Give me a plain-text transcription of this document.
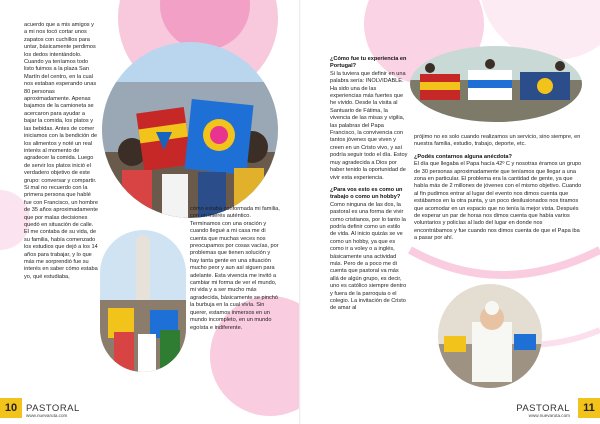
acuerdo que a mis amigos y a mi nos tocó cortar unos zapatos con cuchillos para untar, básicamente perdimos los dedos intentándolo. Cuando ya teníamos todo listo fuimos a la plaza San Martín del centro, en la cual nos estaban esperando unas 80 personas aproximadamente. Apenas bajamos de la camioneta se acercaron para ayudar a bajar la comida, los platos y las bebidas. Antes de comer iniciamos con la bendición de los alimentos y noté un real interés al momento de agradecer la comida. Luego de servir los platos inició el verdadero objetivo de este grupo: conversar y compartir. Si mal no recuerdo con la primera persona que hablé fue con Francisco, un hombre de 35 años aproximadamente que por malas decisiones quedó en situación de calle. El me contaba de su vida, de su familia, había comenzado los estudios que dejó a los 14 años para trabajar, y lo que más me sorprendió fue su interés en saber cómo estaba yo, qué estudiaba,

cómo estaba conformada mi familia, con un interés auténtico. Terminamos con una oración y cuando llegué a mi casa me di cuenta que muchas veces nos preocupamos por cosas vacías, por problemas que tienen solución y hay tanta gente en una situación mucho peor y aun así siguen para adelante. Esta vivencia me invitó a cambiar mi forma de ver el mundo, mi vida y a ser mucho más agradecida, básicamente se pinchó la burbuja en la cual vivía. Sin querer, estamos inmersos en un mundo incompleto, en un mundo egoísta e indiferente.

10 PASTORAL
www.nuevaruta.com

¿Cómo fue tu experiencia en Portugal?

Si la tuviera que definir en una palabra sería: INOLVIDABLE. Ha sido una de las experiencias más fuertes que he vivido. Desde la visita al Santuario de Fátima, la vivencia de las misas y vigilia, las palabras del Papa Francisco, la convivencia con tantos jóvenes que viven y creen en un Cristo vivo, y así podría seguir todo el día. Estoy muy agradecida a Dios por haber tenido la oportunidad de vivir esta experiencia.

¿Para vos esto es como un trabajo o como un hobby?

Como ninguna de las dos, la pastoral es una forma de vivir como cristianos, por lo tanto la podría definir como un estilo de vida. Al inicio quizás se ve como un hobby, ya que es como ir a voley o a inglés, básicamente una actividad más. Pero de a poco me di cuenta que pastoral va más allá de algún grupo, es decir, uno es católico siempre dentro y fuera de la parroquia o el colegio. La invitación de Cristo de amar al

prójimo no es solo cuando realizamos un servicio, sino siempre, en nuestra familia, estudio, trabajo, deporte, etc.

¿Podés contarnos alguna anécdota?

El día que llegaba el Papa hacía 42º C y nosotras éramos un grupo de 30 personas aproximadamente que teníamos que llegar a una zona en particular. El problema era la cantidad de gente, ya que había más de 2 millones de jóvenes con el mismo objetivo. Cuando al fin pudimos entrar al lugar del evento nos dimos cuenta que estábamos en la otra punta, y un poco desilusionados nos tiramos que acomodar en un espacio que no tenía la mejor vista. Después de esperar un par de horas nos dimos cuenta que había varios voluntarios y policías al lado del lugar en donde nos encontrábamos y fue cuando nos dimos cuenta de que el Papa iba a pasar por ahí.

PASTORAL
www.nuevaruta.com
11
